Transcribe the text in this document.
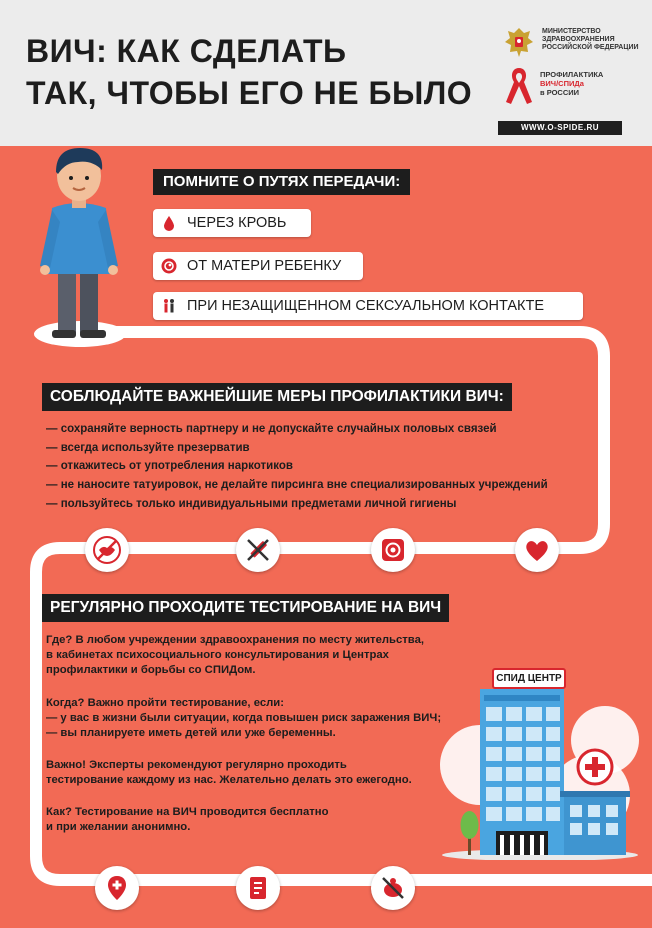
ВИЧ: КАК СДЕЛАТЬ
ТАК, ЧТОБЫ ЕГО НЕ БЫЛО
МИНИСТЕРСТВО
ЗДРАВООХРАНЕНИЯ
РОССИЙСКОЙ ФЕДЕРАЦИИ
ПРОФИЛАКТИКА
ВИЧ/СПИДа
в РОССИИ
WWW.O-SPIDE.RU
ПОМНИТЕ О ПУТЯХ ПЕРЕДАЧИ:
ЧЕРЕЗ КРОВЬ
ОТ МАТЕРИ РЕБЕНКУ
ПРИ НЕЗАЩИЩЕННОМ СЕКСУАЛЬНОМ КОНТАКТЕ
СОБЛЮДАЙТЕ ВАЖНЕЙШИЕ МЕРЫ ПРОФИЛАКТИКИ ВИЧ:
— сохраняйте верность партнеру и не допускайте случайных половых связей
— всегда используйте презерватив
— откажитесь от употребления наркотиков
— не наносите татуировок, не делайте пирсинга вне специализированных учреждений
— пользуйтесь только индивидуальными предметами личной гигиены
РЕГУЛЯРНО ПРОХОДИТЕ ТЕСТИРОВАНИЕ НА ВИЧ
Где? В любом учреждении здравоохранения по месту жительства,
в кабинетах психосоциального консультирования и Центрах
профилактики и борьбы со СПИДом.
Когда? Важно пройти тестирование, если:
— у вас в жизни были ситуации, когда повышен риск заражения ВИЧ;
— вы планируете иметь детей или уже беременны.
Важно! Эксперты рекомендуют регулярно проходить
тестирование каждому из нас. Желательно делать это ежегодно.
Как? Тестирование на ВИЧ проводится бесплатно
и при желании анонимно.
СПИД ЦЕНТР
